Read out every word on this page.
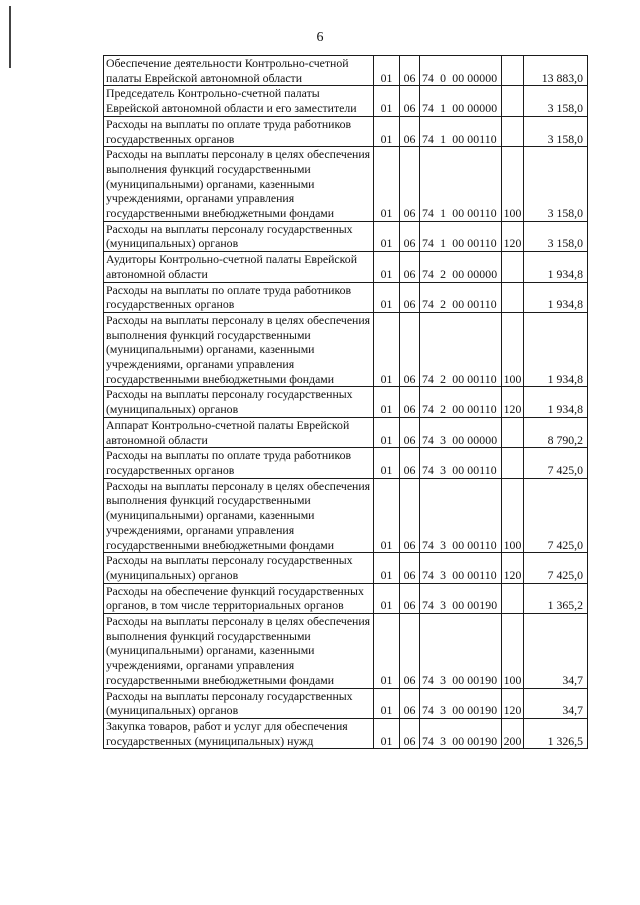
6
Обеспечение деятельности Контрольно-счетной палаты Еврейской автономной области	01	06	74  0  00 00000		13 883,0
Председатель Контрольно-счетной палаты Еврейской автономной области и его заместители	01	06	74  1  00 00000		3 158,0
Расходы на выплаты по оплате труда работников государственных органов	01	06	74  1  00 00110		3 158,0
Расходы на выплаты персоналу в целях обеспечения выполнения функций государственными (муниципальными) органами, казенными учреждениями, органами управления государственными внебюджетными фондами	01	06	74  1  00 00110	100	3 158,0
Расходы на выплаты персоналу государственных (муниципальных) органов	01	06	74  1  00 00110	120	3 158,0
Аудиторы Контрольно-счетной палаты Еврейской автономной области	01	06	74  2  00 00000		1 934,8
Расходы на выплаты по оплате труда работников государственных органов	01	06	74  2  00 00110		1 934,8
Расходы на выплаты персоналу в целях обеспечения выполнения функций государственными (муниципальными) органами, казенными учреждениями, органами управления государственными внебюджетными фондами	01	06	74  2  00 00110	100	1 934,8
Расходы на выплаты персоналу государственных (муниципальных) органов	01	06	74  2  00 00110	120	1 934,8
Аппарат Контрольно-счетной палаты Еврейской автономной области	01	06	74  3  00 00000		8 790,2
Расходы на выплаты по оплате труда работников государственных органов	01	06	74  3  00 00110		7 425,0
Расходы на выплаты персоналу в целях обеспечения выполнения функций государственными (муниципальными) органами, казенными учреждениями, органами управления государственными внебюджетными фондами	01	06	74  3  00 00110	100	7 425,0
Расходы на выплаты персоналу государственных (муниципальных) органов	01	06	74  3  00 00110	120	7 425,0
Расходы на обеспечение функций государственных органов, в том числе территориальных органов	01	06	74  3  00 00190		1 365,2
Расходы на выплаты персоналу в целях обеспечения выполнения функций государственными (муниципальными) органами, казенными учреждениями, органами управления государственными внебюджетными фондами	01	06	74  3  00 00190	100	34,7
Расходы на выплаты персоналу государственных (муниципальных) органов	01	06	74  3  00 00190	120	34,7
Закупка товаров, работ и услуг для обеспечения государственных (муниципальных) нужд	01	06	74  3  00 00190	200	1 326,5
